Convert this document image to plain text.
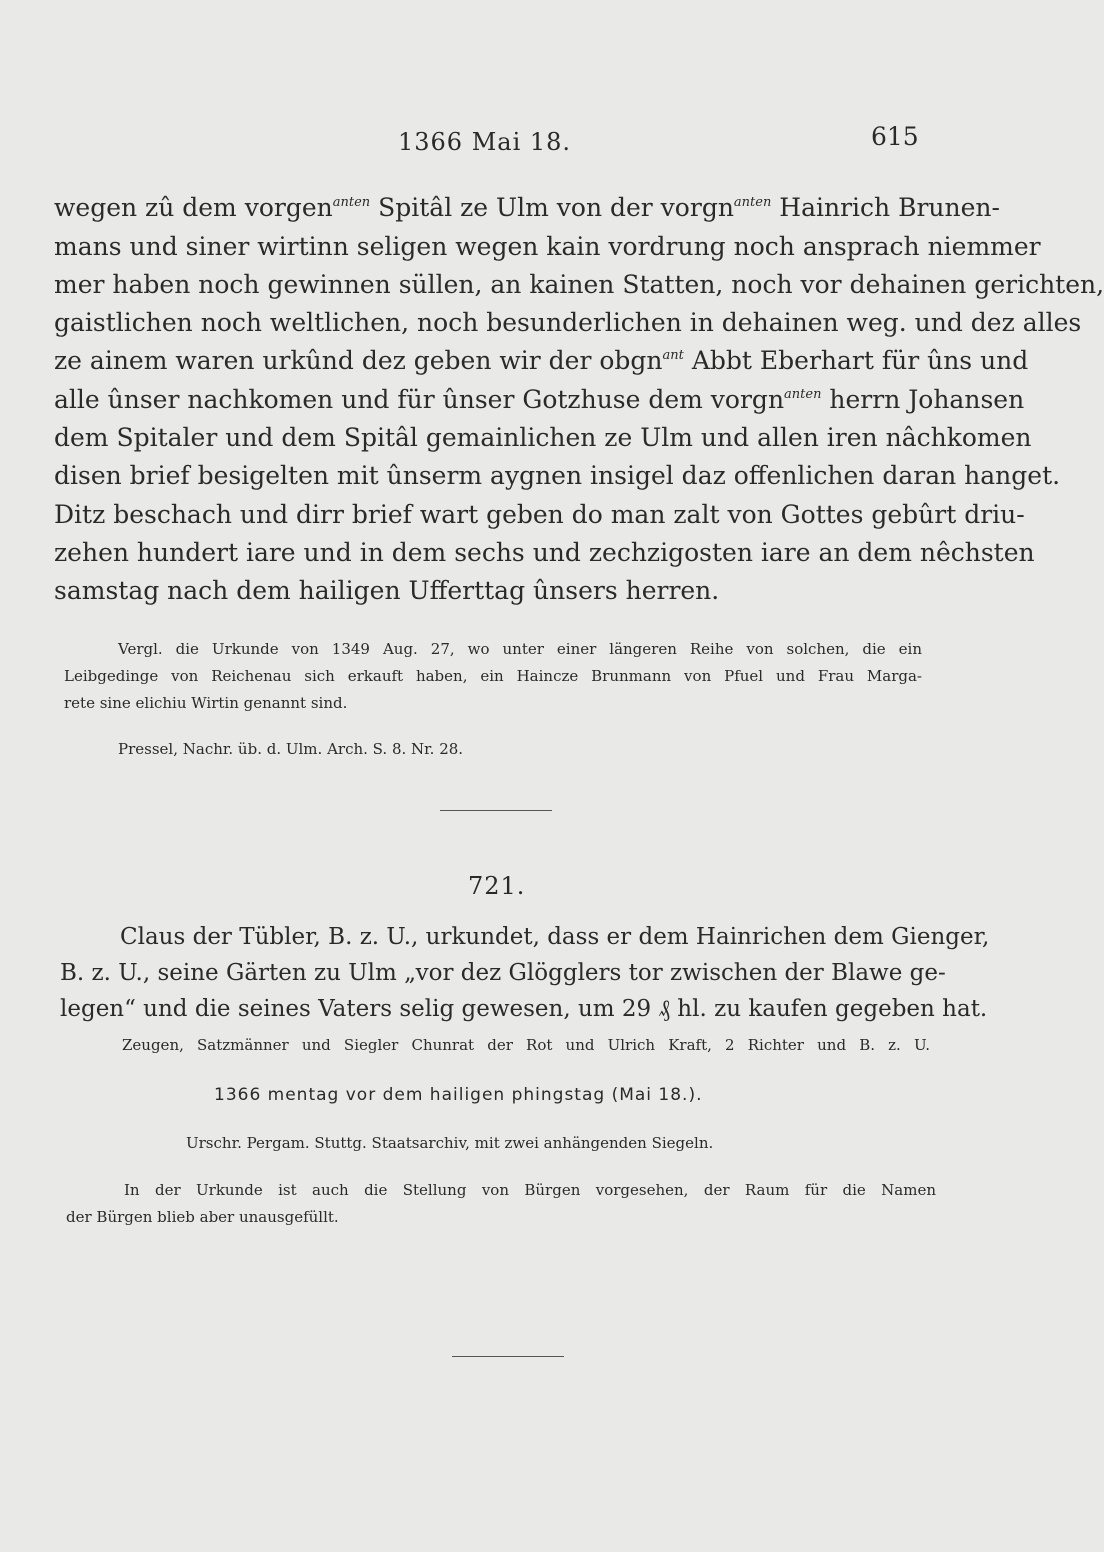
1366 Mai 18.	615
wegen zû dem vorgen$^{anten}$ Spitâl ze Ulm von der vorgn$^{anten}$ Hainrich Brunen-
mans und siner wirtinn seligen wegen kain vordrung noch ansprach niemmer
mer haben noch gewinnen süllen, an kainen Statten, noch vor dehainen gerichten,
gaistlichen noch weltlichen, noch besunderlichen in dehainen weg. und dez alles
ze ainem waren urkûnd dez geben wir der obgn$^{ant}$ Abbt Eberhart für ûns und
alle ûnser nachkomen und für ûnser Gotzhuse dem vorgn$^{anten}$ herrn Johansen
dem Spitaler und dem Spitâl gemainlichen ze Ulm und allen iren nâchkomen
disen brief besigelten mit ûnserm aygnen insigel daz offenlichen daran hanget.
Ditz beschach und dirr brief wart geben do man zalt von Gottes gebûrt driu-
zehen hundert iare und in dem sechs und zechzigosten iare an dem nêchsten
samstag nach dem hailigen Ufferttag ûnsers herren.
Vergl. die Urkunde von 1349 Aug. 27, wo unter einer längeren Reihe von solchen, die ein
Leibgedinge von Reichenau sich erkauft haben, ein Haincze Brunmann von Pfuel und Frau Marga-
rete sine elichiu Wirtin genannt sind.
Pressel, Nachr. üb. d. Ulm. Arch. S. 8. Nr. 28.
721.
Claus der Tübler, B. z. U., urkundet, dass er dem Hainrichen dem Gienger,
B. z. U., seine Gärten zu Ulm „vor dez Glögglers tor zwischen der Blawe ge-
legen“ und die seines Vaters selig gewesen, um 29 ₰ hl. zu kaufen gegeben hat.
Zeugen, Satzmänner und Siegler Chunrat der Rot und Ulrich Kraft, 2 Richter und B. z. U.
1366 mentag vor dem hailigen phingstag (Mai 18.).
Urschr. Pergam. Stuttg. Staatsarchiv, mit zwei anhängenden Siegeln.
In der Urkunde ist auch die Stellung von Bürgen vorgesehen, der Raum für die Namen
der Bürgen blieb aber unausgefüllt.
